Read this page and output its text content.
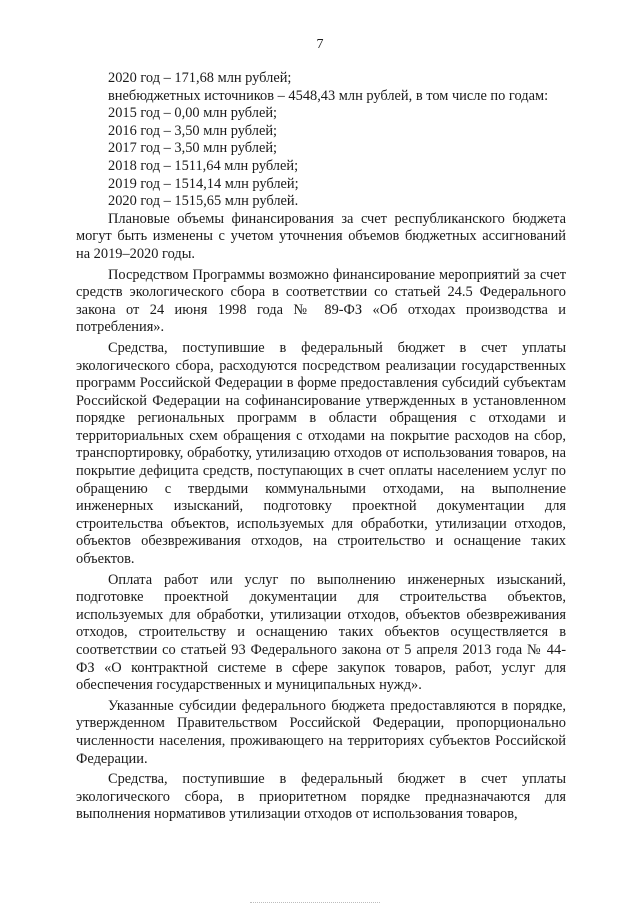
7

2020 год – 171,68 млн рублей;

внебюджетных источников – 4548,43 млн рублей, в том числе по годам:

2015 год – 0,00 млн рублей;

2016 год – 3,50 млн рублей;

2017 год – 3,50 млн рублей;

2018 год – 1511,64 млн рублей;

2019 год – 1514,14 млн рублей;

2020 год – 1515,65 млн рублей.

Плановые объемы финансирования за счет республиканского бюджета могут быть изменены с учетом уточнения объемов бюджетных ассигнований на 2019–2020 годы.

Посредством Программы возможно финансирование мероприятий за счет средств экологического сбора в соответствии со статьей 24.5 Федерального закона от 24 июня 1998 года № 89-ФЗ «Об отходах производства и потребления».

Средства, поступившие в федеральный бюджет в счет уплаты экологического сбора, расходуются посредством реализации государственных программ Российской Федерации в форме предоставления субсидий субъектам Российской Федерации на софинансирование утвержденных в установленном порядке региональных программ в области обращения с отходами и территориальных схем обращения с отходами на покрытие расходов на сбор, транспортировку, обработку, утилизацию отходов от использования товаров, на покрытие дефицита средств, поступающих в счет оплаты населением услуг по обращению с твердыми коммунальными отходами, на выполнение инженерных изысканий, подготовку проектной документации для строительства объектов, используемых для обработки, утилизации отходов, объектов обезвреживания отходов, на строительство и оснащение таких объектов.

Оплата работ или услуг по выполнению инженерных изысканий, подготовке проектной документации для строительства объектов, используемых для обработки, утилизации отходов, объектов обезвреживания отходов, строительству и оснащению таких объектов осуществляется в соответствии со статьей 93 Федерального закона от 5 апреля 2013 года № 44-ФЗ «О контрактной системе в сфере закупок товаров, работ, услуг для обеспечения государственных и муниципальных нужд».

Указанные субсидии федерального бюджета предоставляются в порядке, утвержденном Правительством Российской Федерации, пропорционально численности населения, проживающего на территориях субъектов Российской Федерации.

Средства, поступившие в федеральный бюджет в счет уплаты экологического сбора, в приоритетном порядке предназначаются для выполнения нормативов утилизации отходов от использования товаров,
